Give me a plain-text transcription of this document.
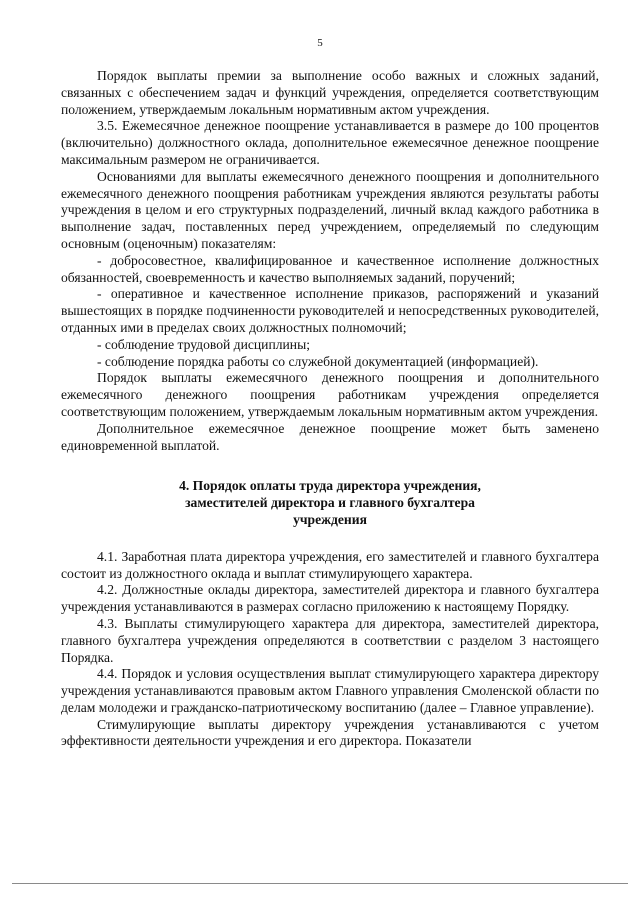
5

Порядок выплаты премии за выполнение особо важных и сложных заданий, связанных с обеспечением задач и функций учреждения, определяется соответствующим положением, утверждаемым локальным нормативным актом учреждения.

3.5. Ежемесячное денежное поощрение устанавливается в размере до 100 процентов (включительно) должностного оклада, дополнительное ежемесячное денежное поощрение максимальным размером не ограничивается.

Основаниями для выплаты ежемесячного денежного поощрения и дополнительного ежемесячного денежного поощрения работникам учреждения являются результаты работы учреждения в целом и его структурных подразделений, личный вклад каждого работника в выполнение задач, поставленных перед учреждением, определяемый по следующим основным (оценочным) показателям:

- добросовестное, квалифицированное и качественное исполнение должностных обязанностей, своевременность и качество выполняемых заданий, поручений;

- оперативное и качественное исполнение приказов, распоряжений и указаний вышестоящих в порядке подчиненности руководителей и непосредственных руководителей, отданных ими в пределах своих должностных полномочий;

- соблюдение трудовой дисциплины;

- соблюдение порядка работы со служебной документацией (информацией).

Порядок выплаты ежемесячного денежного поощрения и дополнительного ежемесячного денежного поощрения работникам учреждения определяется соответствующим положением, утверждаемым локальным нормативным актом учреждения.

Дополнительное ежемесячное денежное поощрение может быть заменено единовременной выплатой.

4. Порядок оплаты труда директора учреждения,
заместителей директора и главного бухгалтера
учреждения

4.1. Заработная плата директора учреждения, его заместителей и главного бухгалтера состоит из должностного оклада и выплат стимулирующего характера.

4.2. Должностные оклады директора, заместителей директора и главного бухгалтера учреждения устанавливаются в размерах согласно приложению к настоящему Порядку.

4.3. Выплаты стимулирующего характера для директора, заместителей директора, главного бухгалтера учреждения определяются в соответствии с разделом 3 настоящего Порядка.

4.4. Порядок и условия осуществления выплат стимулирующего характера директору учреждения устанавливаются правовым актом Главного управления Смоленской области по делам молодежи и гражданско-патриотическому воспитанию (далее – Главное управление).

Стимулирующие выплаты директору учреждения устанавливаются с учетом эффективности деятельности учреждения и его директора. Показатели
